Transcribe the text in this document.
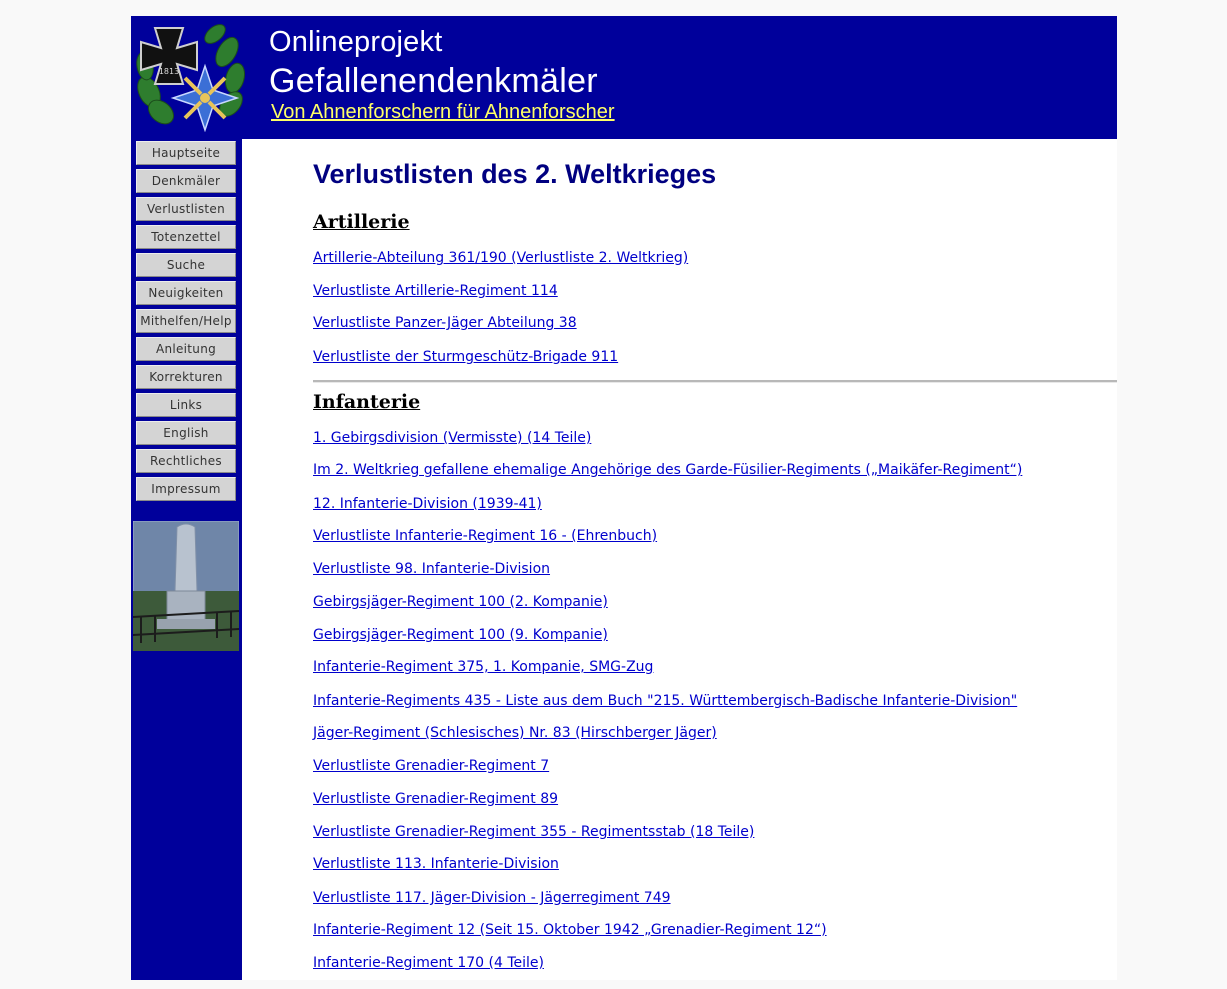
1813
Onlineprojekt
Gefallenendenkmäler
Von Ahnenforschern für Ahnenforscher
Hauptseite
Denkmäler
Verlustlisten
Totenzettel
Suche
Neuigkeiten
Mithelfen/Help
Anleitung
Korrekturen
Links
English
Rechtliches
Impressum
Verlustlisten des 2. Weltkrieges
Artillerie
Artillerie-Abteilung 361/190 (Verlustliste 2. Weltkrieg)
Verlustliste Artillerie-Regiment 114
Verlustliste Panzer-Jäger Abteilung 38
Verlustliste der Sturmgeschütz-Brigade 911
Infanterie
1. Gebirgsdivision (Vermisste) (14 Teile)
Im 2. Weltkrieg gefallene ehemalige Angehörige des Garde-Füsilier-Regiments („Maikäfer-Regiment“)
12. Infanterie-Division (1939-41)
Verlustliste Infanterie-Regiment 16 - (Ehrenbuch)
Verlustliste 98. Infanterie-Division
Gebirgsjäger-Regiment 100 (2. Kompanie)
Gebirgsjäger-Regiment 100 (9. Kompanie)
Infanterie-Regiment 375, 1. Kompanie, SMG-Zug
Infanterie-Regiments 435 - Liste aus dem Buch "215. Württembergisch-Badische Infanterie-Division"
Jäger-Regiment (Schlesisches) Nr. 83 (Hirschberger Jäger)
Verlustliste Grenadier-Regiment 7
Verlustliste Grenadier-Regiment 89
Verlustliste Grenadier-Regiment 355 - Regimentsstab (18 Teile)
Verlustliste 113. Infanterie-Division
Verlustliste 117. Jäger-Division - Jägerregiment 749
Infanterie-Regiment 12 (Seit 15. Oktober 1942 „Grenadier-Regiment 12“)
Infanterie-Regiment 170 (4 Teile)
